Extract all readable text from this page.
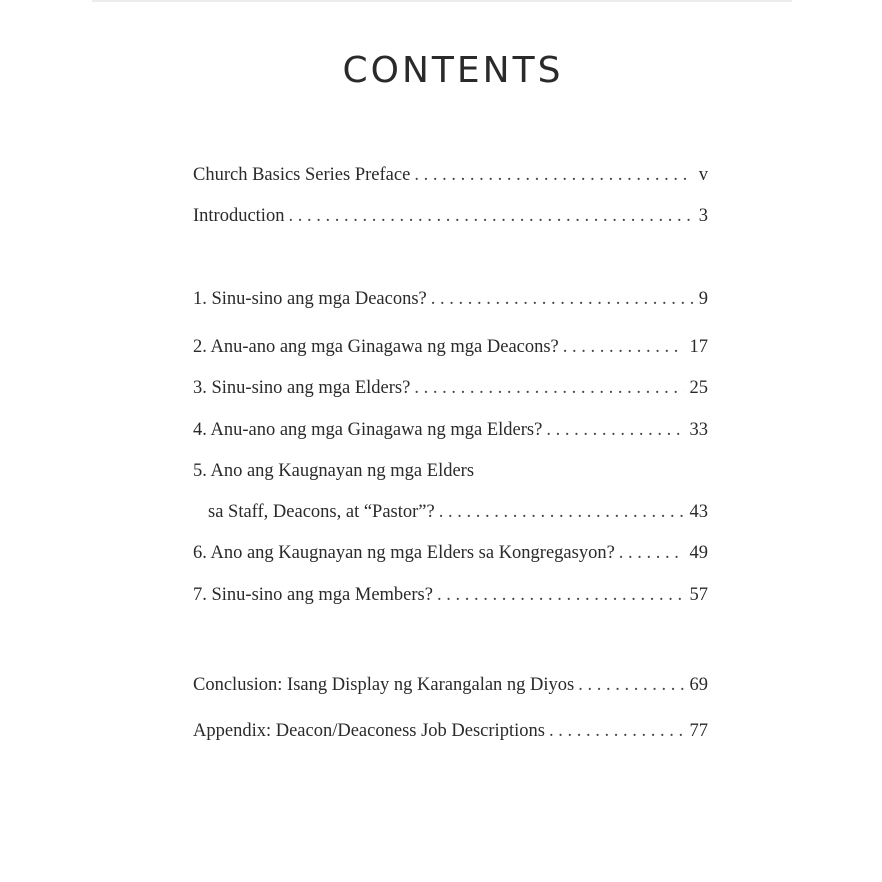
CONTENTS
Church Basics Series Preface . . .	v
Introduction . . .	3
1. Sinu-sino ang mga Deacons? . . .	9
2. Anu-ano ang mga Ginagawa ng mga Deacons? . . .	17
3. Sinu-sino ang mga Elders? . . .	25
4. Anu-ano ang mga Ginagawa ng mga Elders? . . .	33
5. Ano ang Kaugnayan ng mga Elders
sa Staff, Deacons, at “Pastor”? . . .	43
6. Ano ang Kaugnayan ng mga Elders sa Kongregasyon? . . .	49
7. Sinu-sino ang mga Members? . . .	57
Conclusion: Isang Display ng Karangalan ng Diyos . . .	69
Appendix: Deacon/Deaconess Job Descriptions . . .	77
